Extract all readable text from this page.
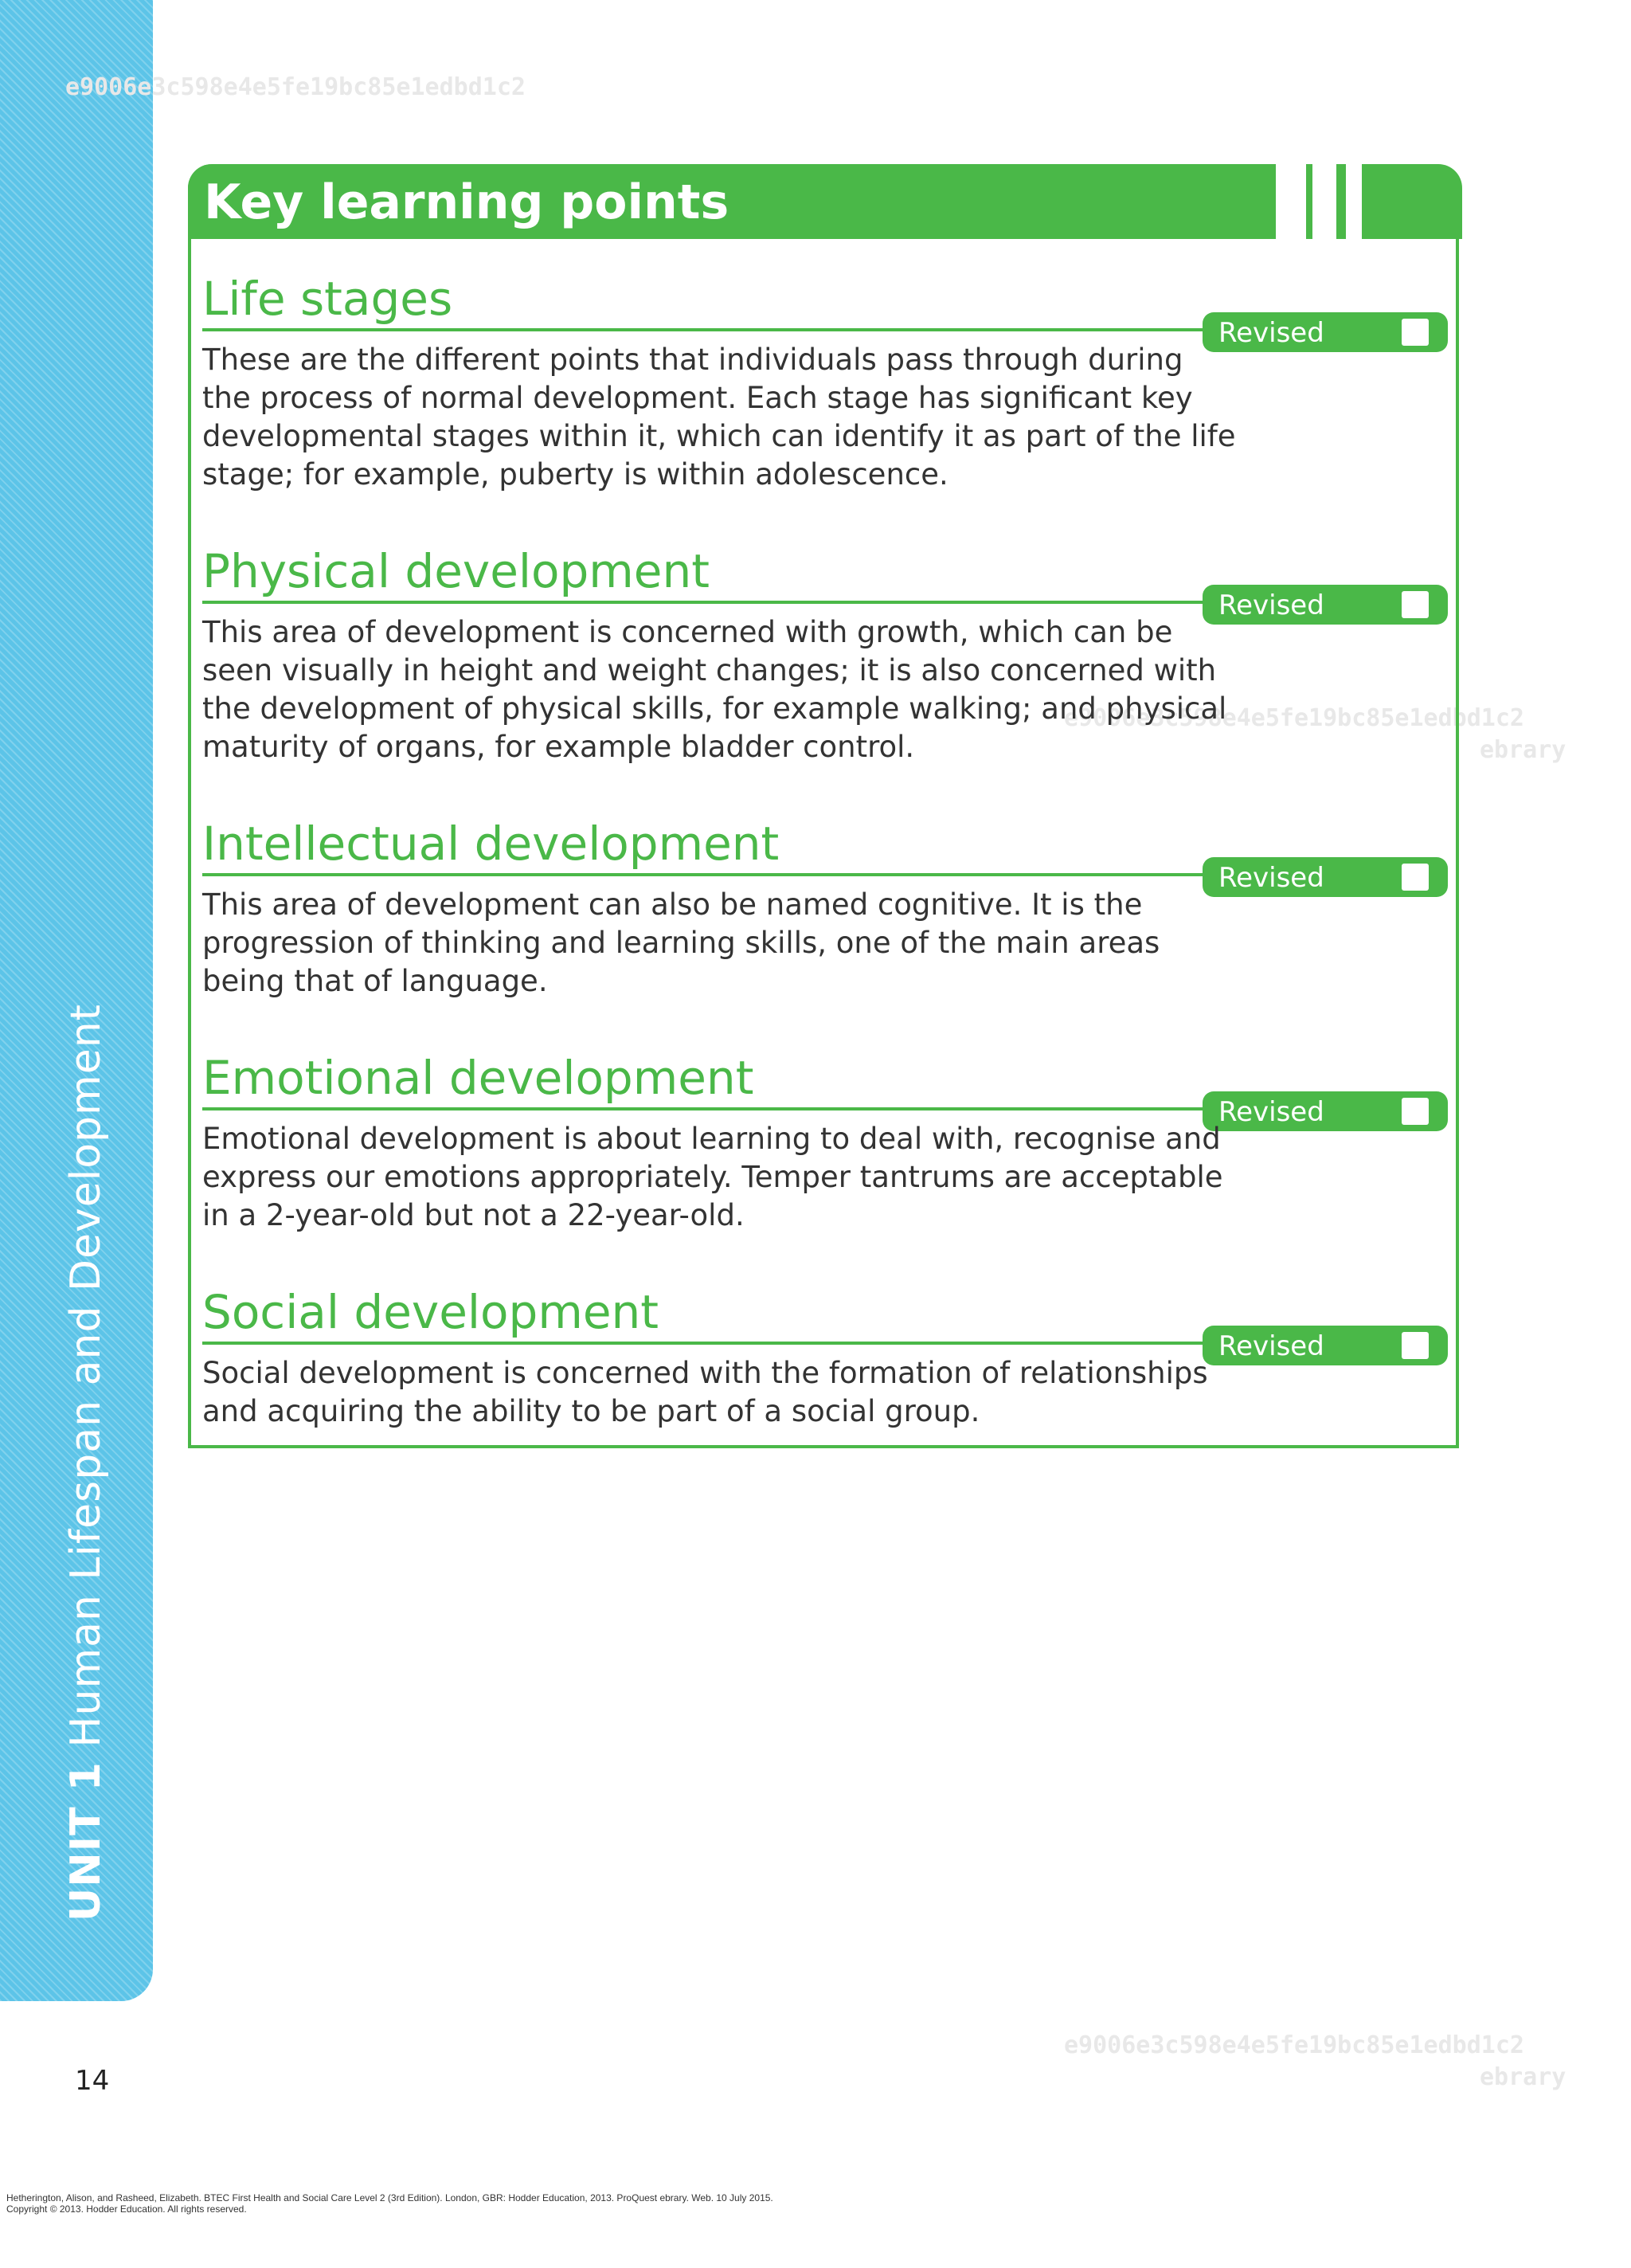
UNIT 1 Human Lifespan and Development
e9006e3c598e4e5fe19bc85e1edbd1c2
e9006e3c598e4e5fe19bc85e1edbd1c2
ebrary
e9006e3c598e4e5fe19bc85e1edbd1c2
ebrary
Key learning points
Life stages
Revised
These are the different points that individuals pass through during
the process of normal development. Each stage has significant key
developmental stages within it, which can identify it as part of the life
stage; for example, puberty is within adolescence.
Physical development
Revised
This area of development is concerned with growth, which can be
seen visually in height and weight changes; it is also concerned with
the development of physical skills, for example walking; and physical
maturity of organs, for example bladder control.
Intellectual development
Revised
This area of development can also be named cognitive. It is the
progression of thinking and learning skills, one of the main areas
being that of language.
Emotional development
Revised
Emotional development is about learning to deal with, recognise and
express our emotions appropriately. Temper tantrums are acceptable
in a 2-year-old but not a 22-year-old.
Social development
Revised
Social development is concerned with the formation of relationships
and acquiring the ability to be part of a social group.
14
Hetherington, Alison, and Rasheed, Elizabeth. BTEC First Health and Social Care Level 2 (3rd Edition). London, GBR: Hodder Education, 2013. ProQuest ebrary. Web. 10 July 2015.
Copyright © 2013. Hodder Education. All rights reserved.
